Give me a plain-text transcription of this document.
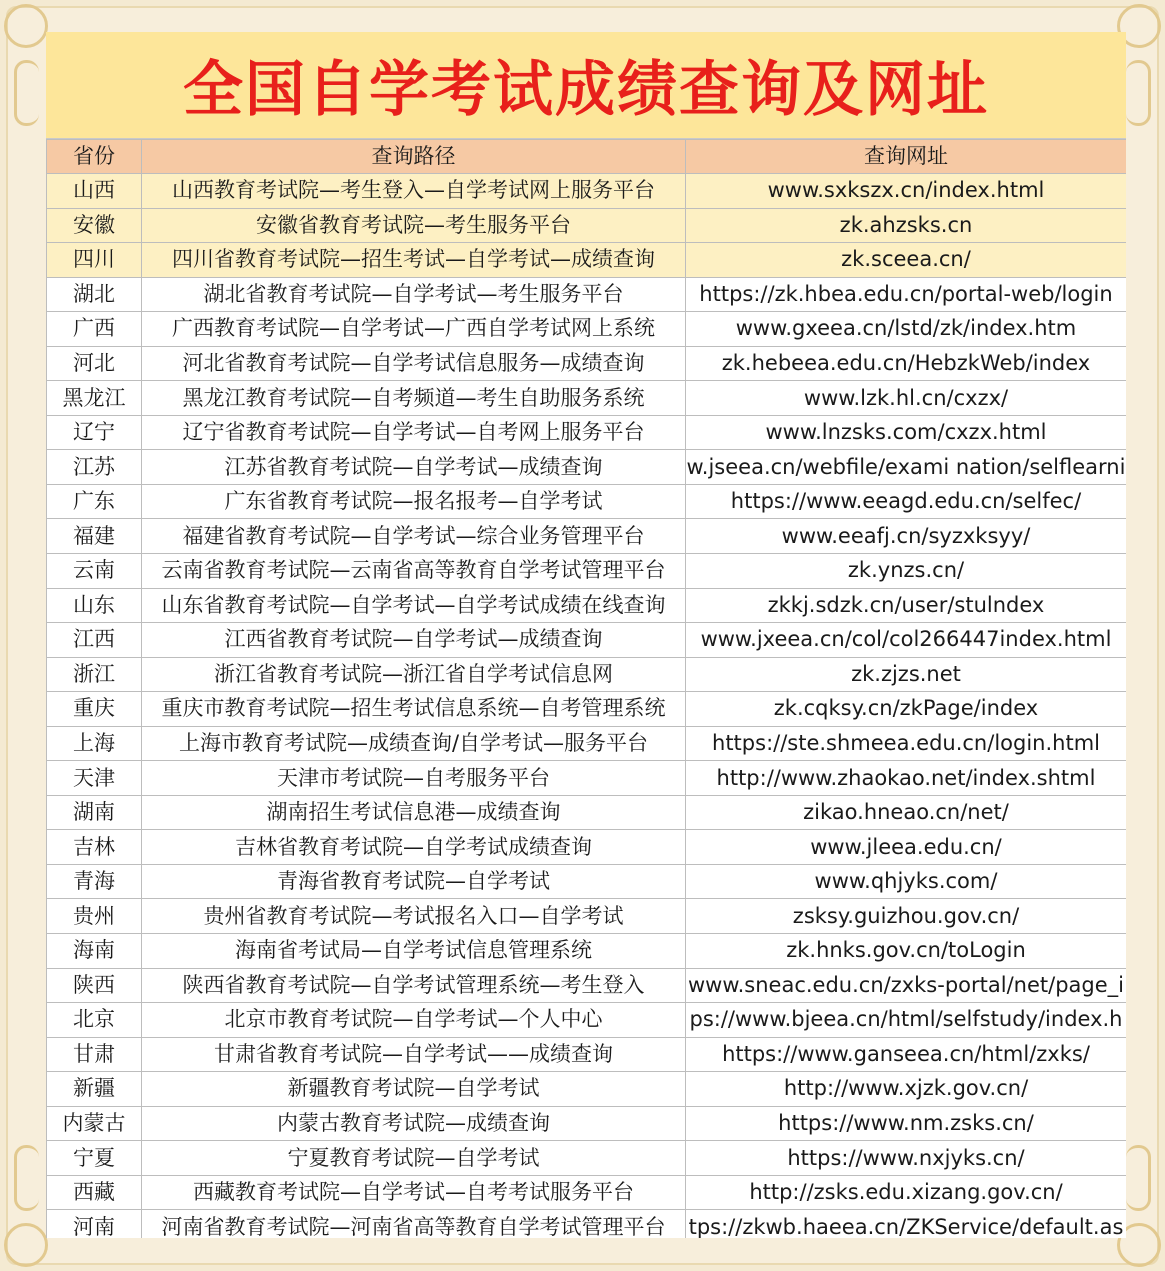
全国自学考试成绩查询及网址
省份	查询路径	查询网址
山西	山西教育考试院—考生登入—自学考试网上服务平台	www.sxkszx.cn/index.html
安徽	安徽省教育考试院—考生服务平台	zk.ahzsks.cn
四川	四川省教育考试院—招生考试—自学考试—成绩查询	zk.sceea.cn/
湖北	湖北省教育考试院—自学考试—考生服务平台	https://zk.hbea.edu.cn/portal-web/login
广西	广西教育考试院—自学考试—广西自学考试网上系统	www.gxeea.cn/lstd/zk/index.htm
河北	河北省教育考试院—自学考试信息服务—成绩查询	zk.hebeea.edu.cn/HebzkWeb/index
黑龙江	黑龙江教育考试院—自考频道—考生自助服务系统	www.lzk.hl.cn/cxzx/
辽宁	辽宁省教育考试院—自学考试—自考网上服务平台	www.lnzsks.com/cxzx.html
江苏	江苏省教育考试院—自学考试—成绩查询	w.jseea.cn/webfile/exami nation/selflearni
广东	广东省教育考试院—报名报考—自学考试	https://www.eeagd.edu.cn/selfec/
福建	福建省教育考试院—自学考试—综合业务管理平台	www.eeafj.cn/syzxksyy/
云南	云南省教育考试院—云南省高等教育自学考试管理平台	zk.ynzs.cn/
山东	山东省教育考试院—自学考试—自学考试成绩在线查询	zkkj.sdzk.cn/user/stulndex
江西	江西省教育考试院—自学考试—成绩查询	www.jxeea.cn/col/col266447index.html
浙江	浙江省教育考试院—浙江省自学考试信息网	zk.zjzs.net
重庆	重庆市教育考试院—招生考试信息系统—自考管理系统	zk.cqksy.cn/zkPage/index
上海	上海市教育考试院—成绩查询/自学考试—服务平台	https://ste.shmeea.edu.cn/login.html
天津	天津市考试院—自考服务平台	http://www.zhaokao.net/index.shtml
湖南	湖南招生考试信息港—成绩查询	zikao.hneao.cn/net/
吉林	吉林省教育考试院—自学考试成绩查询	www.jleea.edu.cn/
青海	青海省教育考试院—自学考试	www.qhjyks.com/
贵州	贵州省教育考试院—考试报名入口—自学考试	zsksy.guizhou.gov.cn/
海南	海南省考试局—自学考试信息管理系统	zk.hnks.gov.cn/toLogin
陕西	陕西省教育考试院—自学考试管理系统—考生登入	www.sneac.edu.cn/zxks-portal/net/page_i
北京	北京市教育考试院—自学考试—个人中心	ps://www.bjeea.cn/html/selfstudy/index.h
甘肃	甘肃省教育考试院—自学考试——成绩查询	https://www.ganseea.cn/html/zxks/
新疆	新疆教育考试院—自学考试	http://www.xjzk.gov.cn/
内蒙古	内蒙古教育考试院—成绩查询	https://www.nm.zsks.cn/
宁夏	宁夏教育考试院—自学考试	https://www.nxjyks.cn/
西藏	西藏教育考试院—自学考试—自考考试服务平台	http://zsks.edu.xizang.gov.cn/
河南	河南省教育考试院—河南省高等教育自学考试管理平台	tps://zkwb.haeea.cn/ZKService/default.as
